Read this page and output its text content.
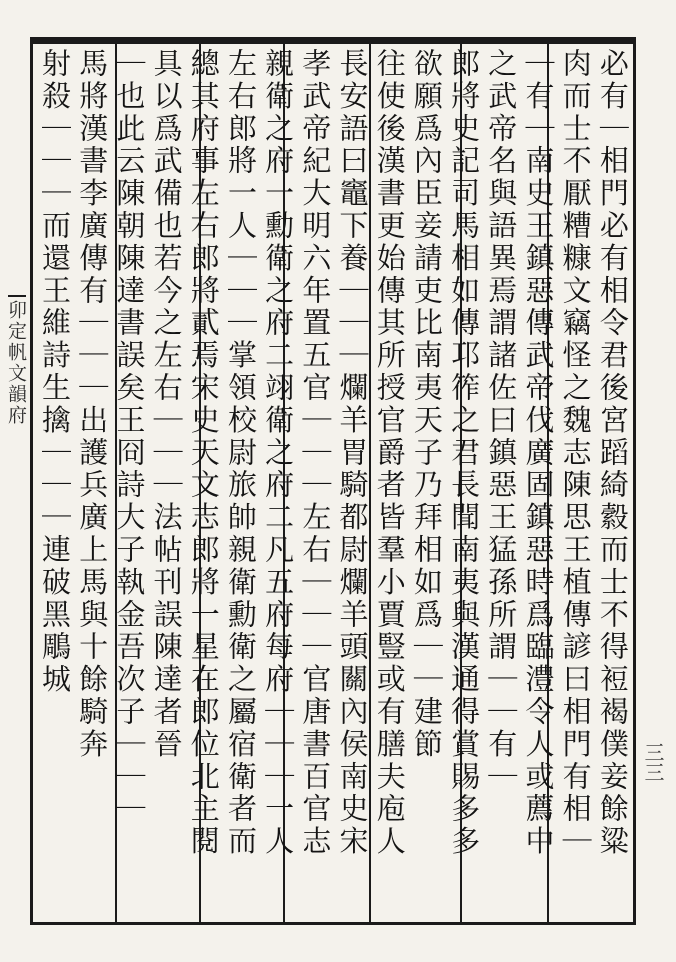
卯定帆文韻府
三三
必有｜相門必有相令君後宮蹈綺縠而士不得裋褐僕妾餘粱
肉而士不厭糟糠文竊怪之魏志陳思王植傳諺曰相門有相｜
｜有｜南史王鎮惡傳武帝伐廣固鎮惡時爲臨澧令人或薦中
之武帝名與語異焉謂諸佐曰鎮惡王猛孫所謂｜｜有｜
郎將史記司馬相如傳邛筰之君長聞南夷與漢通得賞賜多多
欲願爲內臣妾請吏比南夷天子乃拜相如爲｜｜建節
往使後漢書更始傳其所授官爵者皆羣小賈豎或有膳夫庖人
長安語曰竈下養｜｜｜爛羊胃騎都尉爛羊頭關內侯南史宋
孝武帝紀大明六年置五官｜｜｜左右｜｜｜官唐書百官志
親衛之府一勳衛之府二翊衛之府二凡五府每府｜｜｜一人
左右郎將一人｜｜｜掌領校尉旅帥親衛勳衛之屬宿衛者而
總其府事左右郎將貳焉宋史天文志郎將一星在郎位北主閱
具以爲武備也若今之左右｜｜｜法帖刊誤陳達者晉
｜也此云陳朝陳達書誤矣王冏詩大子執金吾次子｜｜｜
馬將漢書李廣傳有｜｜｜出護兵廣上馬與十餘騎奔
射殺｜｜｜而還王維詩生擒｜｜｜連破黑鵰城
